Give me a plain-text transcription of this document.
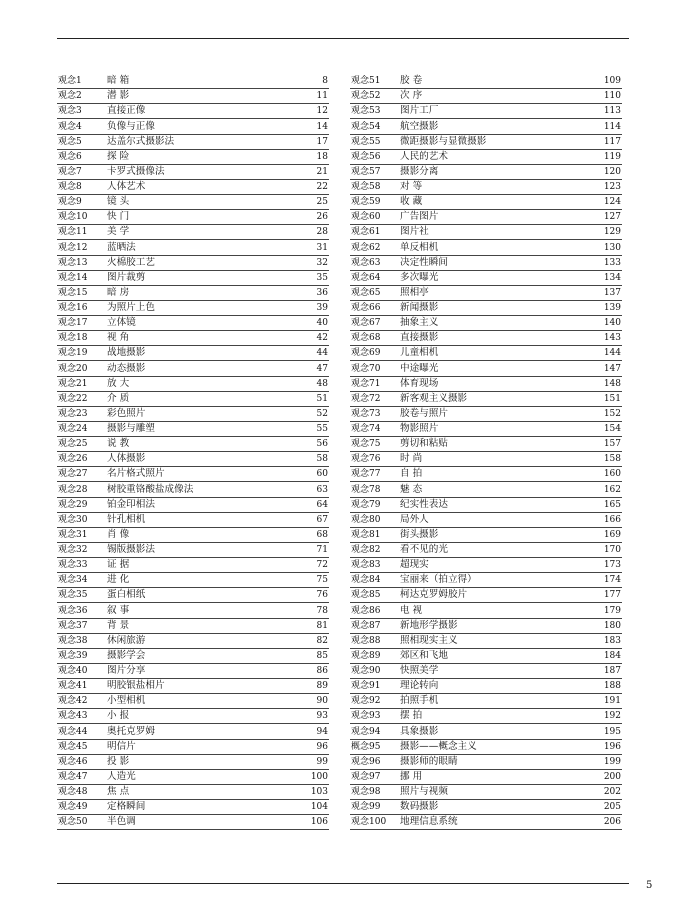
观念1	暗 箱	8
观念2	潜 影	11
观念3	直接正像	12
观念4	负像与正像	14
观念5	达盖尔式摄影法	17
观念6	探 险	18
观念7	卡罗式摄像法	21
观念8	人体艺术	22
观念9	镜 头	25
观念10 快 门	26
观念11 美 学	28
观念12 蓝晒法	31
观念13 火棉胶工艺	32
观念14 图片裁剪	35
观念15 暗 房	36
观念16 为照片上色	39
观念17 立体镜	40
观念18 视 角	42
观念19 战地摄影	44
观念20 动态摄影	47
观念21 放 大	48
观念22 介 质	51
观念23 彩色照片	52
观念24 摄影与雕塑	55
观念25 说 教	56
观念26 人体摄影	58
观念27 名片格式照片	60
观念28 树胶重铬酸盐成像法	63
观念29 铂金印相法	64
观念30 针孔相机	67
观念31 肖 像	68
观念32 锡版摄影法	71
观念33 证 据	72
观念34 进 化	75
观念35 蛋白相纸	76
观念36 叙 事	78
观念37 背 景	81
观念38 休闲旅游	82
观念39 摄影学会	85
观念40 图片分享	86
观念41 明胶银盐相片	89
观念42 小型相机	90
观念43 小 报	93
观念44 奥托克罗姆	94
观念45 明信片	96
观念46 投 影	99
观念47 人造光	100
观念48 焦 点	103
观念49 定格瞬间	104
观念50 半色调	106
观念51 胶 卷	109
观念52 次 序	110
观念53 图片工厂	113
观念54 航空摄影	114
观念55 微距摄影与显微摄影	117
观念56 人民的艺术	119
观念57 摄影分离	120
观念58 对 等	123
观念59 收 藏	124
观念60 广告图片	127
观念61 图片社	129
观念62 单反相机	130
观念63 决定性瞬间	133
观念64 多次曝光	134
观念65 照相亭	137
观念66 新闻摄影	139
观念67 抽象主义	140
观念68 直接摄影	143
观念69 儿童相机	144
观念70 中途曝光	147
观念71 体育现场	148
观念72 新客观主义摄影	151
观念73 胶卷与照片	152
观念74 物影照片	154
观念75 剪切和粘贴	157
观念76 时 尚	158
观念77 自 拍	160
观念78 魅 态	162
观念79 纪实性表达	165
观念80 局外人	166
观念81 街头摄影	169
观念82 看不见的光	170
观念83 超现实	173
观念84 宝丽来（拍立得）	174
观念85 柯达克罗姆胶片	177
观念86 电 视	179
观念87 新地形学摄影	180
观念88 照相现实主义	183
观念89 郊区和飞地	184
观念90 快照美学	187
观念91 理论转向	188
观念92 拍照手机	191
观念93 摆 拍	192
观念94 具象摄影	195
概念95 摄影——概念主义	196
观念96 摄影师的眼睛	199
观念97 挪 用	200
观念98 照片与视频	202
观念99 数码摄影	205
观念100 地理信息系统	206
5
